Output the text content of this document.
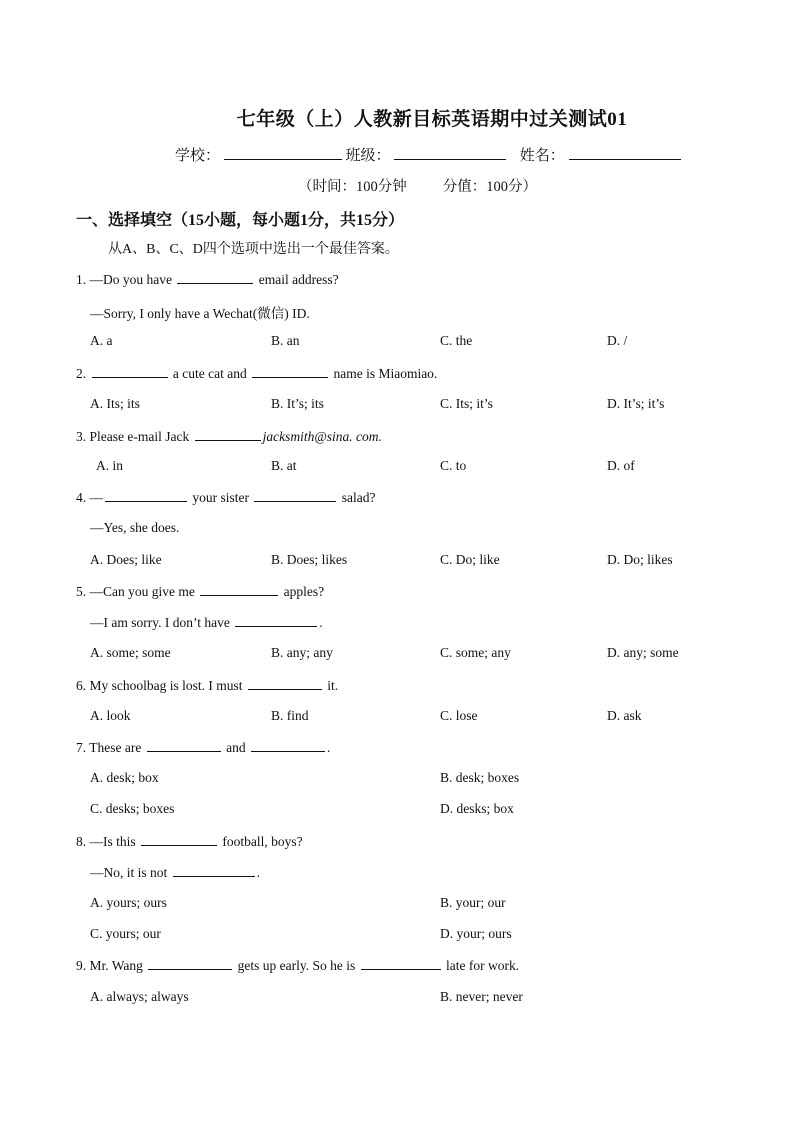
七年级（上）人教新目标英语期中过关测试01
学校：	班级：	姓名：
（时间：100分钟 分值：100分）
一、选择填空（15小题，每小题1分，共15分）
从A、B、C、D四个选项中选出一个最佳答案。
1. —Do you have	email address?
—Sorry, I only have a Wechat(微信) ID.
A. a	B. an	C. the	D. /
2.	a cute cat and	name is Miaomiao.
A. Its; its	B. It’s; its	C. Its; it’s	D. It’s; it’s
3. Please e-mail Jack	jacksmith@sina. com.
A. in	B. at	C. to	D. of
4. —	your sister	salad?
—Yes, she does.
A. Does; like	B. Does; likes	C. Do; like	D. Do; likes
5. —Can you give me	apples?
—I am sorry. I don’t have	.
A. some; some	B. any; any	C. some; any	D. any; some
6. My schoolbag is lost. I must	it.
A. look	B. find	C. lose	D. ask
7. These are	and	.
A. desk; box	B. desk; boxes
C. desks; boxes	D. desks; box
8. —Is this	football, boys?
—No, it is not	.
A. yours; ours	B. your; our
C. yours; our	D. your; ours
9. Mr. Wang	gets up early. So he is	late for work.
A. always; always	B. never; never
